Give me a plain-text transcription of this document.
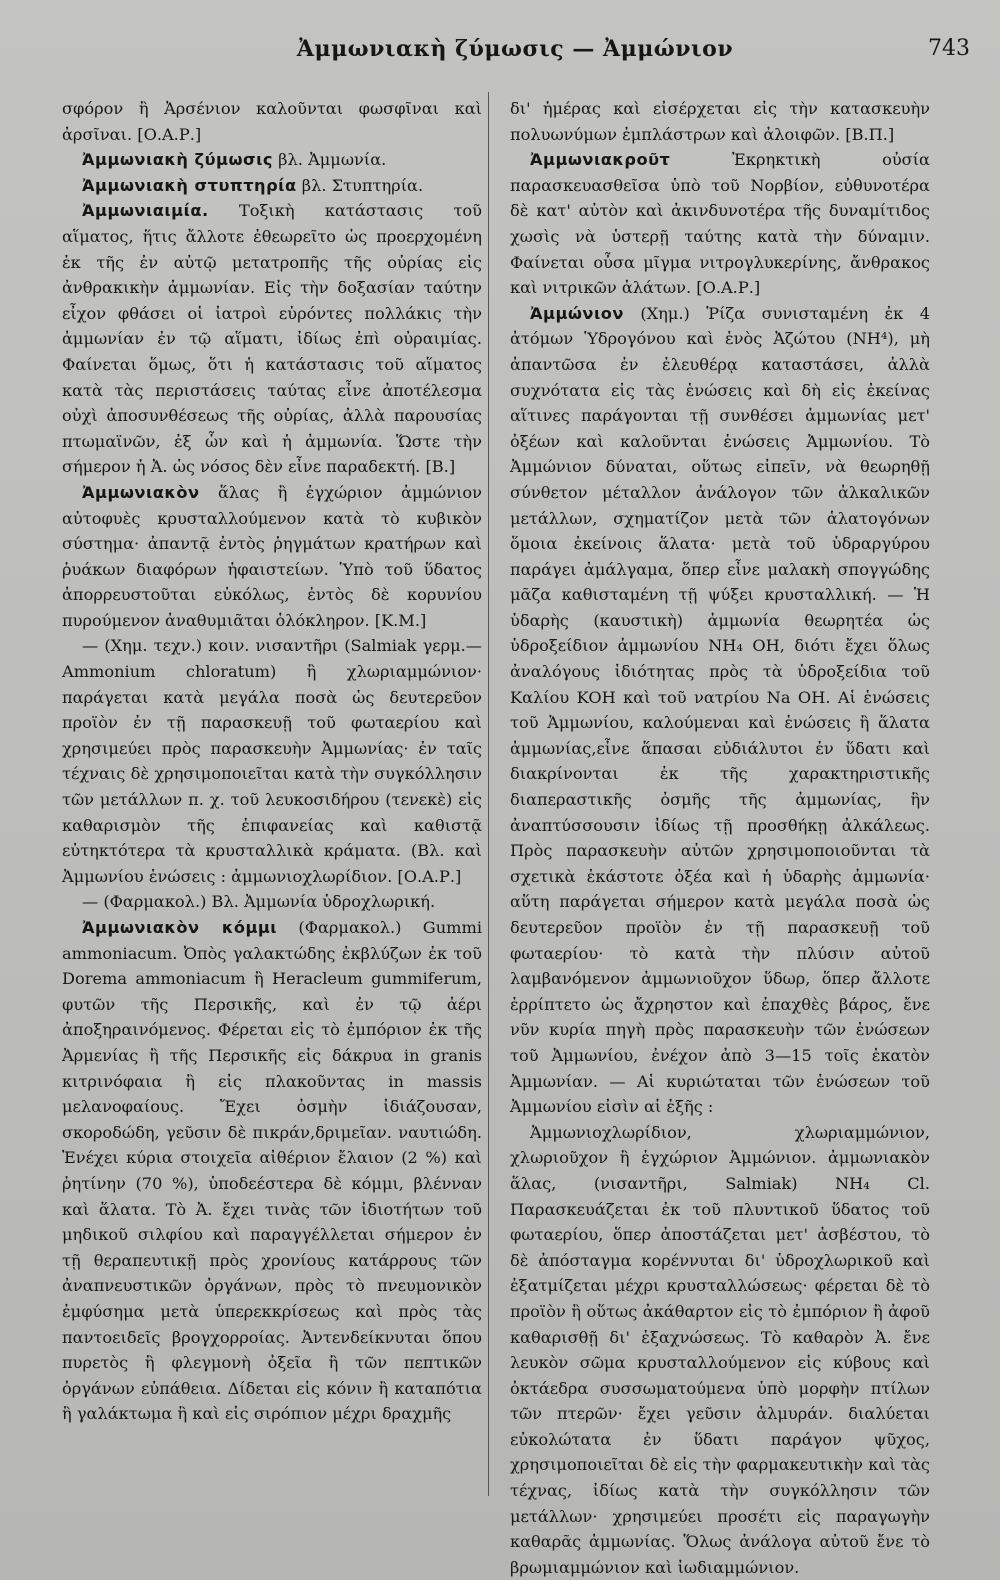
Ἀμμωνιακὴ ζύμωσις — Ἀμμώνιον	743

σφόρον ἢ Ἀρσένιον καλοῦνται φωσφῖναι καὶ ἀρσῖναι. [Ο.Α.Ρ.]

Ἀμμωνιακὴ ζύμωσις βλ. Ἀμμωνία.

Ἀμμωνιακὴ στυπτηρία βλ. Στυπτηρία.

Ἀμμωνιαιμία. Τοξικὴ κατάστασις τοῦ αἵματος, ἥτις ἄλλοτε ἐθεωρεῖτο ὡς προερχομένη ἐκ τῆς ἐν αὐτῷ μετατροπῆς τῆς οὐρίας εἰς ἀνθρακικὴν ἀμμωνίαν. Εἰς τὴν δοξασίαν ταύτην εἶχον φθάσει οἱ ἰατροὶ εὑρόντες πολλάκις τὴν ἀμμωνίαν ἐν τῷ αἵματι, ἰδίως ἐπὶ οὐραιμίας. Φαίνεται ὅμως, ὅτι ἡ κατάστασις τοῦ αἵματος κατὰ τὰς περιστάσεις ταύτας εἶνε ἀποτέλεσμα οὐχὶ ἀποσυνθέσεως τῆς οὐρίας, ἀλλὰ παρουσίας πτωμαϊνῶν, ἐξ ὧν καὶ ἡ ἀμμωνία. Ὥστε τὴν σήμερον ἡ Ἀ. ὡς νόσος δὲν εἶνε παραδεκτή. [Β.]

Ἀμμωνιακὸν ἅλας ἢ ἐγχώριον ἀμμώνιον αὐτοφυὲς κρυσταλλούμενον κατὰ τὸ κυβικὸν σύστημα· ἀπαντᾷ ἐντὸς ῥηγμάτων κρατήρων καὶ ῥυάκων διαφόρων ἡφαιστείων. Ὑπὸ τοῦ ὕδατος ἀπορρευστοῦται εὐκόλως, ἐντὸς δὲ κορυνίου πυρούμενον ἀναθυμιᾶται ὁλόκληρον. [Κ.Μ.]

— (Χημ. τεχν.) κοιν. νισαντῆρι (Salmiak γερμ.—Ammonium chloratum) ἢ χλωριαμμώνιον· παράγεται κατὰ μεγάλα ποσὰ ὡς δευτερεῦον προϊὸν ἐν τῇ παρασκευῇ τοῦ φωταερίου καὶ χρησιμεύει πρὸς παρασκευὴν Ἀμμωνίας· ἐν ταῖς τέχναις δὲ χρησιμοποιεῖται κατὰ τὴν συγκόλλησιν τῶν μετάλλων π. χ. τοῦ λευκοσιδήρου (τενεκὲ) εἰς καθαρισμὸν τῆς ἐπιφανείας καὶ καθιστᾷ εὐτηκτότερα τὰ κρυσταλλικὰ κράματα. (Βλ. καὶ Ἀμμωνίου ἑνώσεις : ἀμμωνιοχλωρίδιον. [Ο.Α.Ρ.]

— (Φαρμακολ.) Βλ. Ἀμμωνία ὑδροχλωρική.

Ἀμμωνιακὸν κόμμι (Φαρμακολ.) Gummi ammoniacum. Ὀπὸς γαλακτώδης ἐκβλύζων ἐκ τοῦ Dorema ammoniacum ἢ Heracleum gummiferum, φυτῶν τῆς Περσικῆς, καὶ ἐν τῷ ἀέρι ἀποξηραινόμενος. Φέρεται εἰς τὸ ἐμπόριον ἐκ τῆς Ἀρμενίας ἢ τῆς Περσικῆς εἰς δάκρυα in granis κιτρινόφαια ἢ εἰς πλακοῦντας in massis μελανοφαίους. Ἔχει ὀσμὴν ἰδιάζουσαν, σκοροδώδη, γεῦσιν δὲ πικράν,δριμεῖαν. ναυτιώδη. Ἐνέχει κύρια στοιχεῖα αἰθέριον ἔλαιον (2 %) καὶ ῥητίνην (70 %), ὑποδεέστερα δὲ κόμμι, βλένναν καὶ ἅλατα. Τὸ Ἀ. ἔχει τινὰς τῶν ἰδιοτήτων τοῦ μηδικοῦ σιλφίου καὶ παραγγέλλεται σήμερον ἐν τῇ θεραπευτικῇ πρὸς χρονίους κατάρρους τῶν ἀναπνευστικῶν ὀργάνων, πρὸς τὸ πνευμονικὸν ἐμφύσημα μετὰ ὑπερεκκρίσεως καὶ πρὸς τὰς παντοειδεῖς βρογχορροίας. Ἀντενδείκνυται ὅπου πυρετὸς ἢ φλεγμονὴ ὀξεῖα ἢ τῶν πεπτικῶν ὀργάνων εὐπάθεια. Δίδεται εἰς κόνιν ἢ καταπότια ἢ γαλάκτωμα ἢ καὶ εἰς σιρόπιον μέχρι δραχμῆς

δι' ἡμέρας καὶ εἰσέρχεται εἰς τὴν κατασκευὴν πολυωνύμων ἐμπλάστρων καὶ ἀλοιφῶν. [Β.Π.]

Ἀμμωνιακροῦτ Ἐκρηκτικὴ οὐσία παρασκευασθεῖσα ὑπὸ τοῦ Νορβίον, εὐθυνοτέρα δὲ κατ' αὐτὸν καὶ ἀκινδυνοτέρα τῆς δυναμίτιδος χωσὶς νὰ ὑστερῇ ταύτης κατὰ τὴν δύναμιν. Φαίνεται οὖσα μῖγμα νιτρογλυκερίνης, ἄνθρακος καὶ νιτρικῶν ἁλάτων. [Ο.Α.Ρ.]

Ἀμμώνιον (Χημ.) Ῥίζα συνισταμένη ἐκ 4 ἀτόμων Ὑδρογόνου καὶ ἑνὸς Ἀζώτου (NH⁴), μὴ ἀπαντῶσα ἐν ἐλευθέρᾳ καταστάσει, ἀλλὰ συχνότατα εἰς τὰς ἑνώσεις καὶ δὴ εἰς ἐκείνας αἵτινες παράγονται τῇ συνθέσει ἀμμωνίας μετ' ὀξέων καὶ καλοῦνται ἑνώσεις Ἀμμωνίου. Τὸ Ἀμμώνιον δύναται, οὕτως εἰπεῖν, νὰ θεωρηθῇ σύνθετον μέταλλον ἀνάλογον τῶν ἀλκαλικῶν μετάλλων, σχηματίζον μετὰ τῶν ἁλατογόνων ὅμοια ἐκείνοις ἅλατα· μετὰ τοῦ ὑδραργύρου παράγει ἀμάλγαμα, ὅπερ εἶνε μαλακὴ σπογγώδης μᾶζα καθισταμένη τῇ ψύξει κρυσταλλική. — Ἡ ὑδαρὴς (καυστικὴ) ἀμμωνία θεωρητέα ὡς ὑδροξείδιον ἀμμωνίου NH₄ OH, διότι ἔχει ὅλως ἀναλόγους ἰδιότητας πρὸς τὰ ὑδροξείδια τοῦ Καλίου KOH καὶ τοῦ νατρίου Na OH. Αἱ ἑνώσεις τοῦ Ἀμμωνίου, καλούμεναι καὶ ἑνώσεις ἢ ἅλατα ἀμμωνίας,εἶνε ἅπασαι εὐδιάλυτοι ἐν ὕδατι καὶ διακρίνονται ἐκ τῆς χαρακτηριστικῆς διαπεραστικῆς ὀσμῆς τῆς ἀμμωνίας, ἣν ἀναπτύσσουσιν ἰδίως τῇ προσθήκῃ ἀλκάλεως. Πρὸς παρασκευὴν αὐτῶν χρησιμοποιοῦνται τὰ σχετικὰ ἑκάστοτε ὀξέα καὶ ἡ ὑδαρὴς ἀμμωνία· αὕτη παράγεται σήμερον κατὰ μεγάλα ποσὰ ὡς δευτερεῦον προϊὸν ἐν τῇ παρασκευῇ τοῦ φωταερίου· τὸ κατὰ τὴν πλύσιν αὐτοῦ λαμβανόμενον ἀμμωνιοῦχον ὕδωρ, ὅπερ ἄλλοτε ἐρρίπτετο ὡς ἄχρηστον καὶ ἐπαχθὲς βάρος, ἔνε νῦν κυρία πηγὴ πρὸς παρασκευὴν τῶν ἑνώσεων τοῦ Ἀμμωνίου, ἐνέχον ἀπὸ 3—15 τοῖς ἑκατὸν Ἀμμωνίαν. — Αἱ κυριώταται τῶν ἑνώσεων τοῦ Ἀμμωνίου εἰσὶν αἱ ἑξῆς :

Ἀμμωνιοχλωρίδιον, χλωριαμμώνιον, χλωριοῦχον ἢ ἐγχώριον Ἀμμώνιον. ἀμμωνιακὸν ἅλας, (νισαντῆρι, Salmiak) NH₄ Cl. Παρασκευάζεται ἐκ τοῦ πλυντικοῦ ὕδατος τοῦ φωταερίου, ὅπερ ἀποστάζεται μετ' ἀσβέστου, τὸ δὲ ἀπόσταγμα κορέννυται δι' ὑδροχλωρικοῦ καὶ ἐξατμίζεται μέχρι κρυσταλλώσεως· φέρεται δὲ τὸ προϊὸν ἢ οὕτως ἀκάθαρτον εἰς τὸ ἐμπόριον ἢ ἀφοῦ καθαρισθῇ δι' ἐξαχνώσεως. Τὸ καθαρὸν Ἀ. ἔνε λευκὸν σῶμα κρυσταλλούμενον εἰς κύβους καὶ ὀκτάεδρα συσσωματούμενα ὑπὸ μορφὴν πτίλων τῶν πτερῶν· ἔχει γεῦσιν ἁλμυράν. διαλύεται εὐκολώτατα ἐν ὕδατι παράγον ψῦχος, χρησιμοποιεῖται δὲ εἰς τὴν φαρμακευτικὴν καὶ τὰς τέχνας, ἰδίως κατὰ τὴν συγκόλλησιν τῶν μετάλλων· χρησιμεύει προσέτι εἰς παραγωγὴν καθαρᾶς ἀμμωνίας. Ὅλως ἀνάλογα αὐτοῦ ἔνε τὸ βρωμιαμμώνιον καὶ ἰωδιαμμώνιον.
